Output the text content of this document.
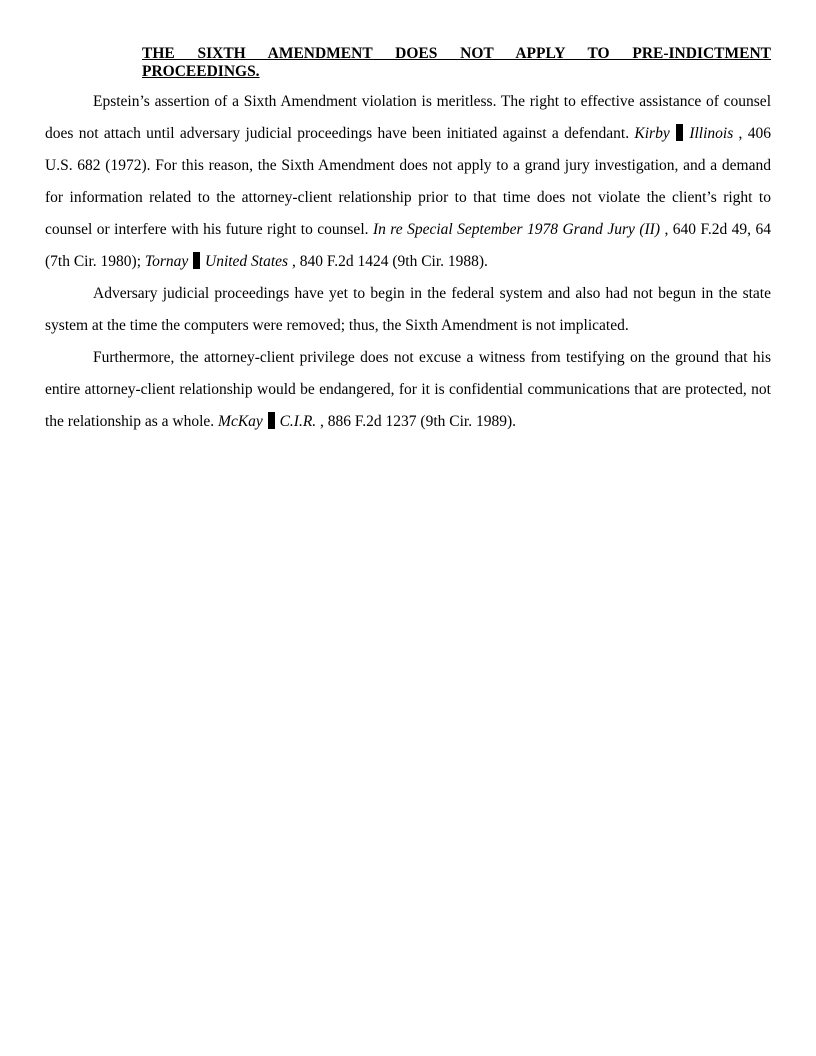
THE SIXTH AMENDMENT DOES NOT APPLY TO PRE-INDICTMENT
PROCEEDINGS.

Epstein’s assertion of a Sixth Amendment violation is meritless. The right to effective assistance of counsel does not attach until adversary judicial proceedings have been initiated against a defendant. Kirby Illinois , 406 U.S. 682 (1972). For this reason, the Sixth Amendment does not apply to a grand jury investigation, and a demand for information related to the attorney-client relationship prior to that time does not violate the client’s right to counsel or interfere with his future right to counsel. In re Special September 1978 Grand Jury (II) , 640 F.2d 49, 64 (7th Cir. 1980); Tornay United States , 840 F.2d 1424 (9th Cir. 1988).

Adversary judicial proceedings have yet to begin in the federal system and also had not begun in the state system at the time the computers were removed; thus, the Sixth Amendment is not implicated.

Furthermore, the attorney-client privilege does not excuse a witness from testifying on the ground that his entire attorney-client relationship would be endangered, for it is confidential communications that are protected, not the relationship as a whole. McKay C.I.R. , 886 F.2d 1237 (9th Cir. 1989).
